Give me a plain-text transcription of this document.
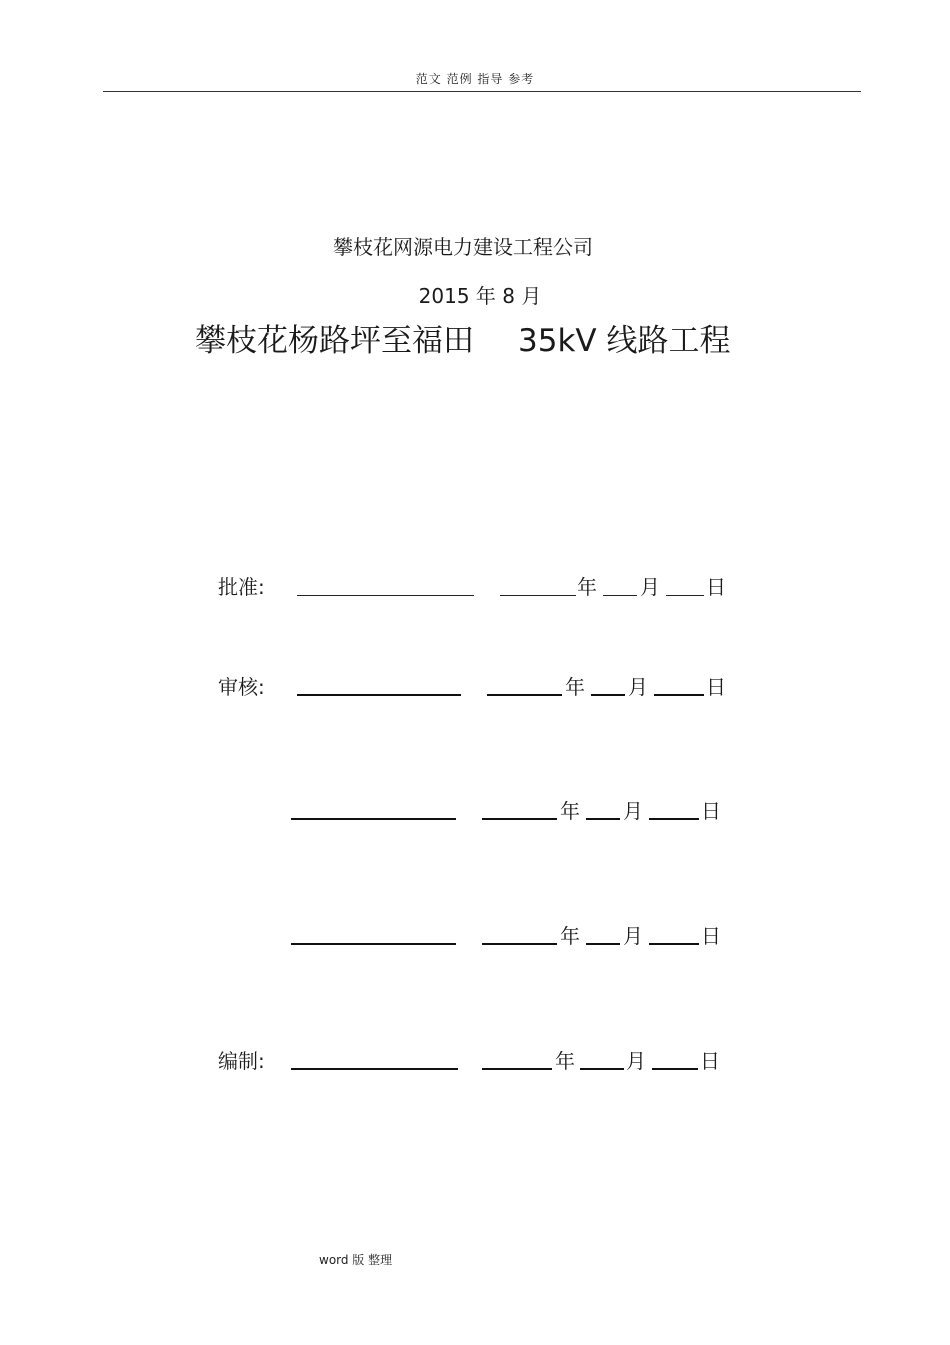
范文 范例 指导 参考
攀枝花网源电力建设工程公司
2015 年 8 月
攀枝花杨路坪至福田 35kV 线路工程
批准:	年 月 日
审核:	年 月	日
年 月	日
年 月	日
编制:	年	月	日
word 版 整理
